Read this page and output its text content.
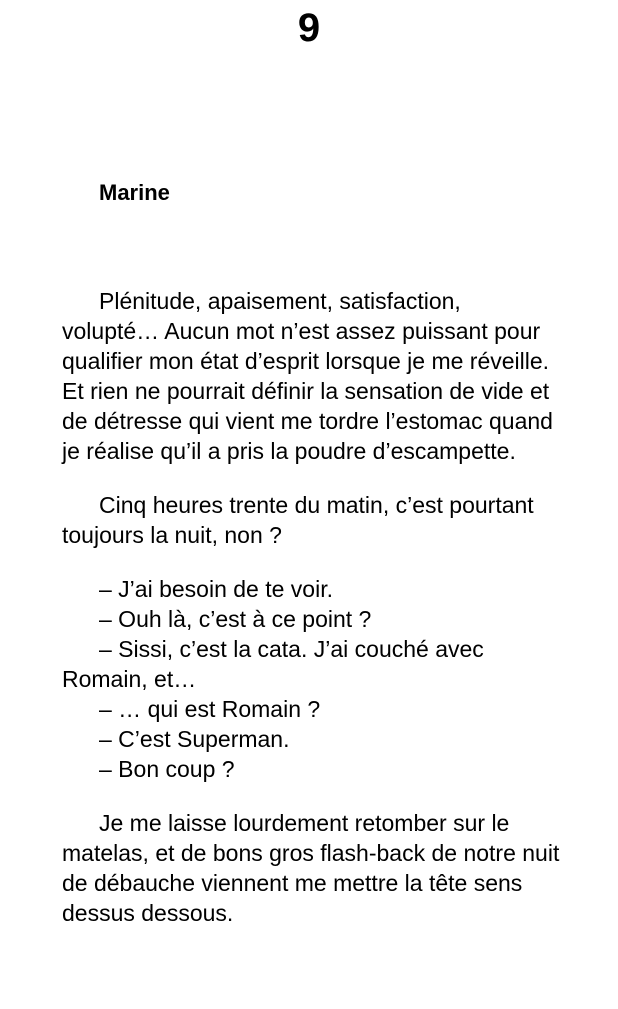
9
Marine

Plénitude, apaisement, satisfaction, volupté… Aucun mot n’est assez puissant pour qualifier mon état d’esprit lorsque je me réveille. Et rien ne pourrait définir la sensation de vide et de détresse qui vient me tordre l’estomac quand je réalise qu’il a pris la poudre d’escampette.

Cinq heures trente du matin, c’est pourtant toujours la nuit, non ?

– J’ai besoin de te voir.

– Ouh là, c’est à ce point ?

– Sissi, c’est la cata. J’ai couché avec Romain, et…

– … qui est Romain ?

– C’est Superman.

– Bon coup ?

Je me laisse lourdement retomber sur le matelas, et de bons gros flash-back de notre nuit de débauche viennent me mettre la tête sens dessus dessous.
